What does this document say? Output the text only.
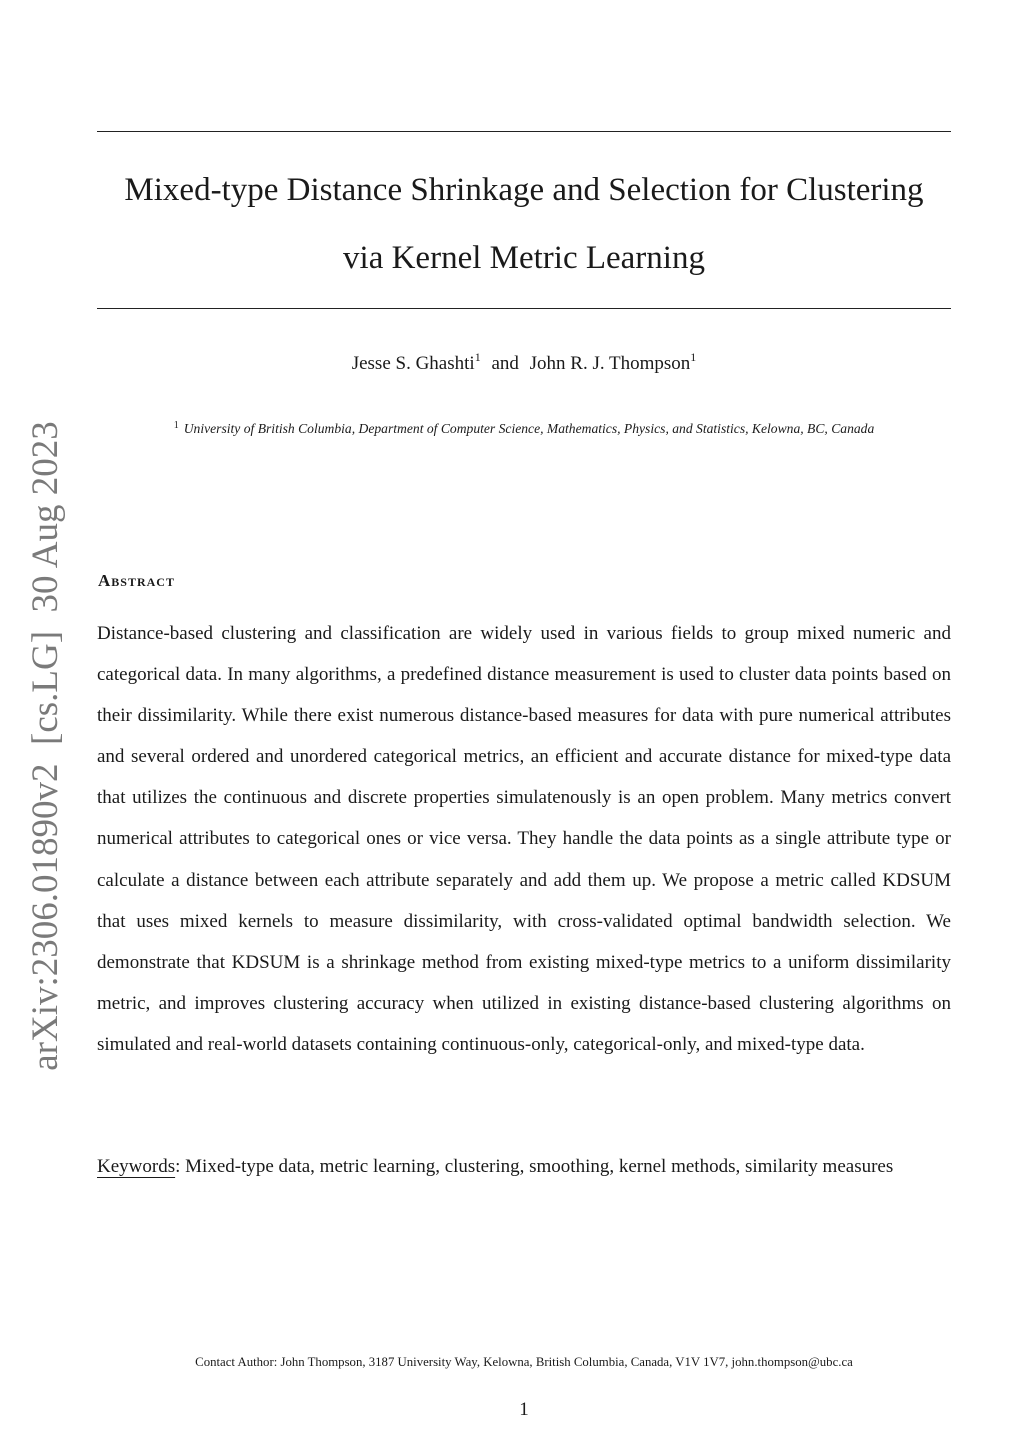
Mixed-type Distance Shrinkage and Selection for Clustering
via Kernel Metric Learning
Jesse S. Ghashti$^1$ and John R. J. Thompson$^1$
$^1$ University of British Columbia, Department of Computer Science, Mathematics, Physics, and Statistics, Kelowna, BC, Canada
arXiv:2306.01890v2  [cs.LG]  30 Aug 2023 Abstract
Distance-based clustering and classification are widely used in various fields to group mixed numeric and categorical data. In many algorithms, a predefined distance measurement is used to cluster data points based on their dissimilarity. While there exist numerous distance-based measures for data with pure numerical attributes and several ordered and unordered categorical metrics, an efficient and accurate distance for mixed-type data that utilizes the continuous and discrete properties simulatenously is an open problem. Many metrics convert numerical attributes to categorical ones or vice versa. They handle the data points as a single attribute type or calculate a distance between each attribute separately and add them up. We propose a metric called KDSUM that uses mixed kernels to measure dissimilarity, with cross-validated optimal bandwidth selection. We demonstrate that KDSUM is a shrinkage method from existing mixed-type metrics to a uniform dissimilarity metric, and improves clustering accuracy when utilized in existing distance-based clustering algorithms on simulated and real-world datasets containing continuous-only, categorical-only, and mixed-type data.
Keywords: Mixed-type data, metric learning, clustering, smoothing, kernel methods, similarity measures
Contact Author: John Thompson, 3187 University Way, Kelowna, British Columbia, Canada, V1V 1V7, john.thompson@ubc.ca
1
